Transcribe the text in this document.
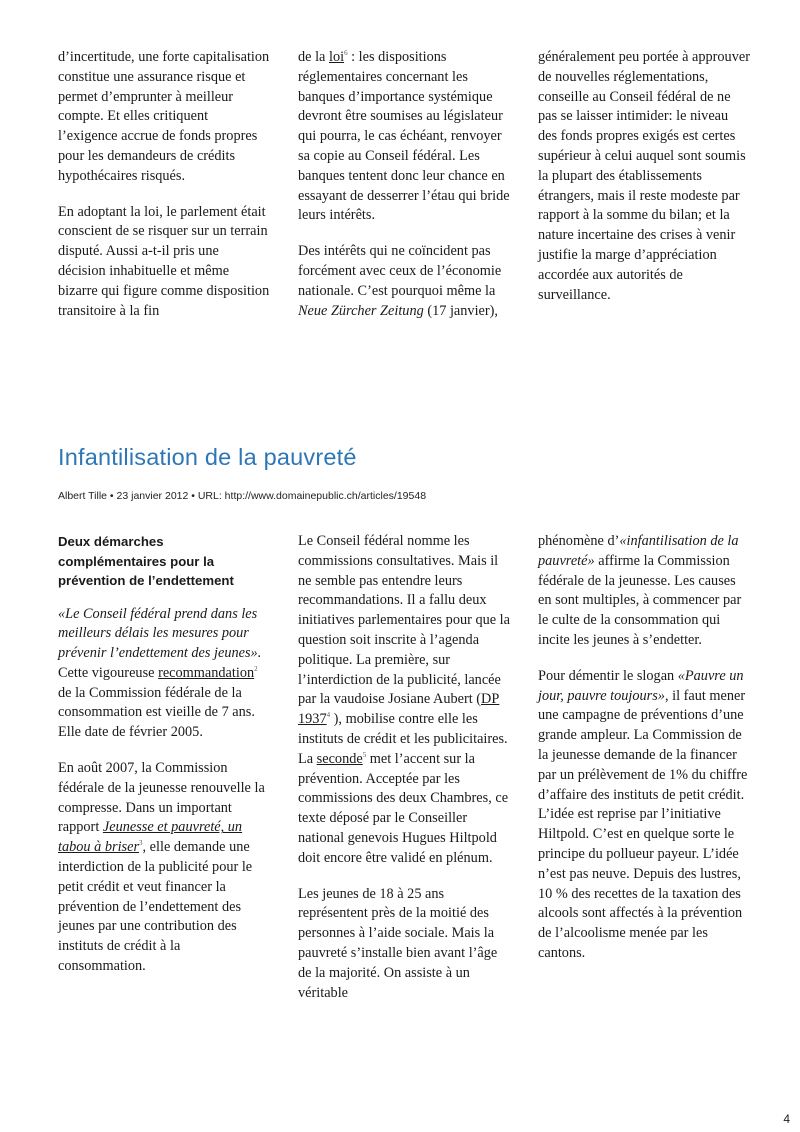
d’incertitude, une forte capitalisation constitue une assurance risque et permet d’emprunter à meilleur compte. Et elles critiquent l’exigence accrue de fonds propres pour les demandeurs de crédits hypothécaires risqués.

En adoptant la loi, le parlement était conscient de se risquer sur un terrain disputé. Aussi a-t-il pris une décision inhabituelle et même bizarre qui figure comme disposition transitoire à la fin

de la loi$^6$ : les dispositions réglementaires concernant les banques d’importance systémique devront être soumises au législateur qui pourra, le cas échéant, renvoyer sa copie au Conseil fédéral. Les banques tentent donc leur chance en essayant de desserrer l’étau qui bride leurs intérêts.

Des intérêts qui ne coïncident pas forcément avec ceux de l’économie nationale. C’est pourquoi même la Neue Zürcher Zeitung (17 janvier),

généralement peu portée à approuver de nouvelles réglementations, conseille au Conseil fédéral de ne pas se laisser intimider: le niveau des fonds propres exigés est certes supérieur à celui auquel sont soumis la plupart des établissements étrangers, mais il reste modeste par rapport à la somme du bilan; et la nature incertaine des crises à venir justifie la marge d’appréciation accordée aux autorités de surveillance.

Infantilisation de la pauvreté

Albert Tille • 23 janvier 2012 • URL: http://www.domainepublic.ch/articles/19548

Deux démarches complémentaires pour la prévention de l’endettement

«Le Conseil fédéral prend dans les meilleurs délais les mesures pour prévenir l’endettement des jeunes». Cette vigoureuse recommandation$^2$ de la Commission fédérale de la consommation est vieille de 7 ans. Elle date de février 2005.

En août 2007, la Commission fédérale de la jeunesse renouvelle la compresse. Dans un important rapport Jeunesse et pauvreté, un tabou à briser$^3$, elle demande une interdiction de la publicité pour le petit crédit et veut financer la prévention de l’endettement des jeunes par une contribution des instituts de crédit à la consommation.

Le Conseil fédéral nomme les commissions consultatives. Mais il ne semble pas entendre leurs recommandations. Il a fallu deux initiatives parlementaires pour que la question soit inscrite à l’agenda politique. La première, sur l’interdiction de la publicité, lancée par la vaudoise Josiane Aubert (DP 1937$^4$ ), mobilise contre elle les instituts de crédit et les publicitaires. La seconde$^5$ met l’accent sur la prévention. Acceptée par les commissions des deux Chambres, ce texte déposé par le Conseiller national genevois Hugues Hiltpold doit encore être validé en plénum.

Les jeunes de 18 à 25 ans représentent près de la moitié des personnes à l’aide sociale. Mais la pauvreté s’installe bien avant l’âge de la majorité. On assiste à un véritable

phénomène d’«infantilisation de la pauvreté» affirme la Commission fédérale de la jeunesse. Les causes en sont multiples, à commencer par le culte de la consommation qui incite les jeunes à s’endetter.

Pour démentir le slogan «Pauvre un jour, pauvre toujours», il faut mener une campagne de préventions d’une grande ampleur. La Commission de la jeunesse demande de la financer par un prélèvement de 1% du chiffre d’affaire des instituts de petit crédit. L’idée est reprise par l’initiative Hiltpold. C’est en quelque sorte le principe du pollueur payeur. L’idée n’est pas neuve. Depuis des lustres, 10 % des recettes de la taxation des alcools sont affectés à la prévention de l’alcoolisme menée par les cantons.

4
